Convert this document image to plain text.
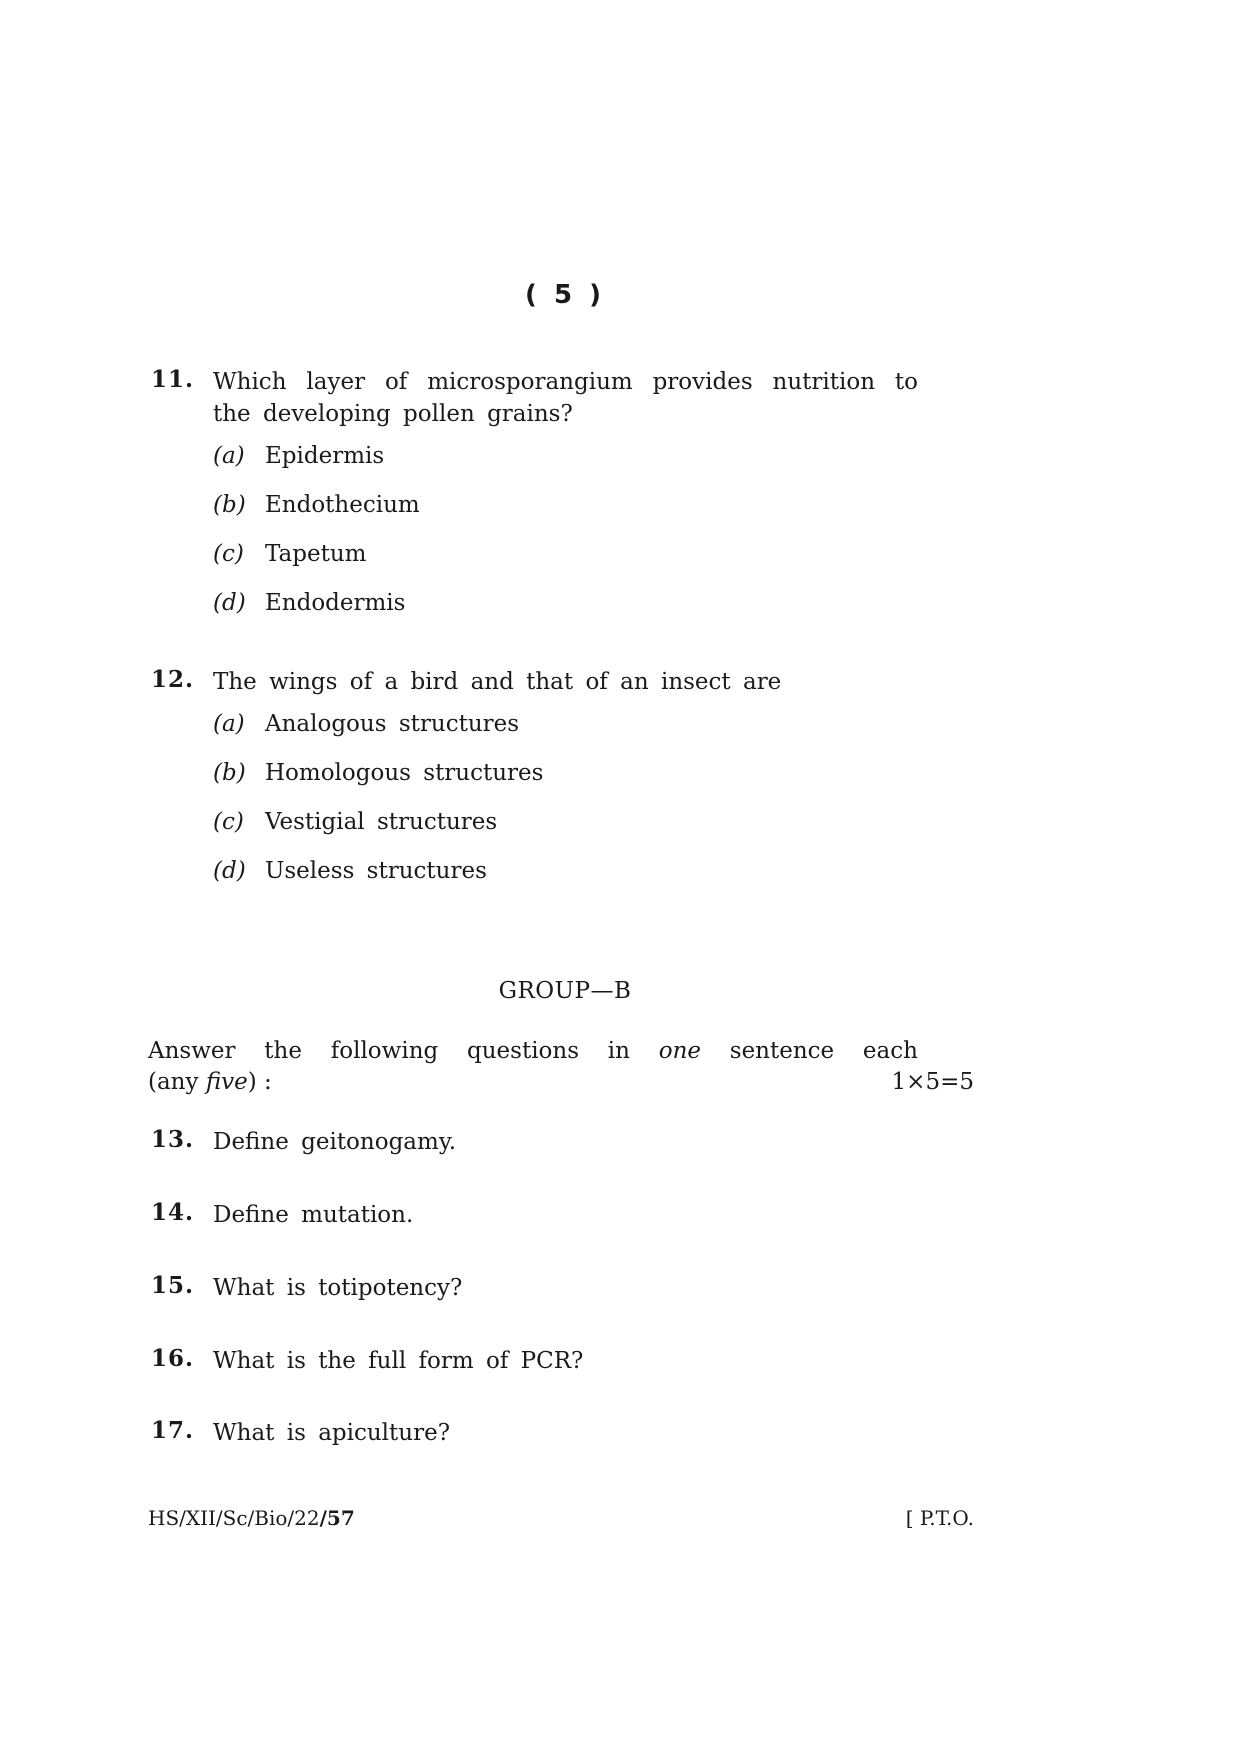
( 5 )
11. Which layer of microsporangium provides nutrition to the developing pollen grains?
(a) Epidermis
(b) Endothecium
(c) Tapetum
(d) Endodermis
12. The wings of a bird and that of an insect are
(a) Analogous structures
(b) Homologous structures
(c) Vestigial structures
(d) Useless structures
GROUP—B
Answer the following questions in one sentence each
(any five) :	1×5=5
13. Define geitonogamy.
14. Define mutation.
15. What is totipotency?
16. What is the full form of PCR?
17. What is apiculture?
HS/XII/Sc/Bio/22/57	[ P.T.O.
